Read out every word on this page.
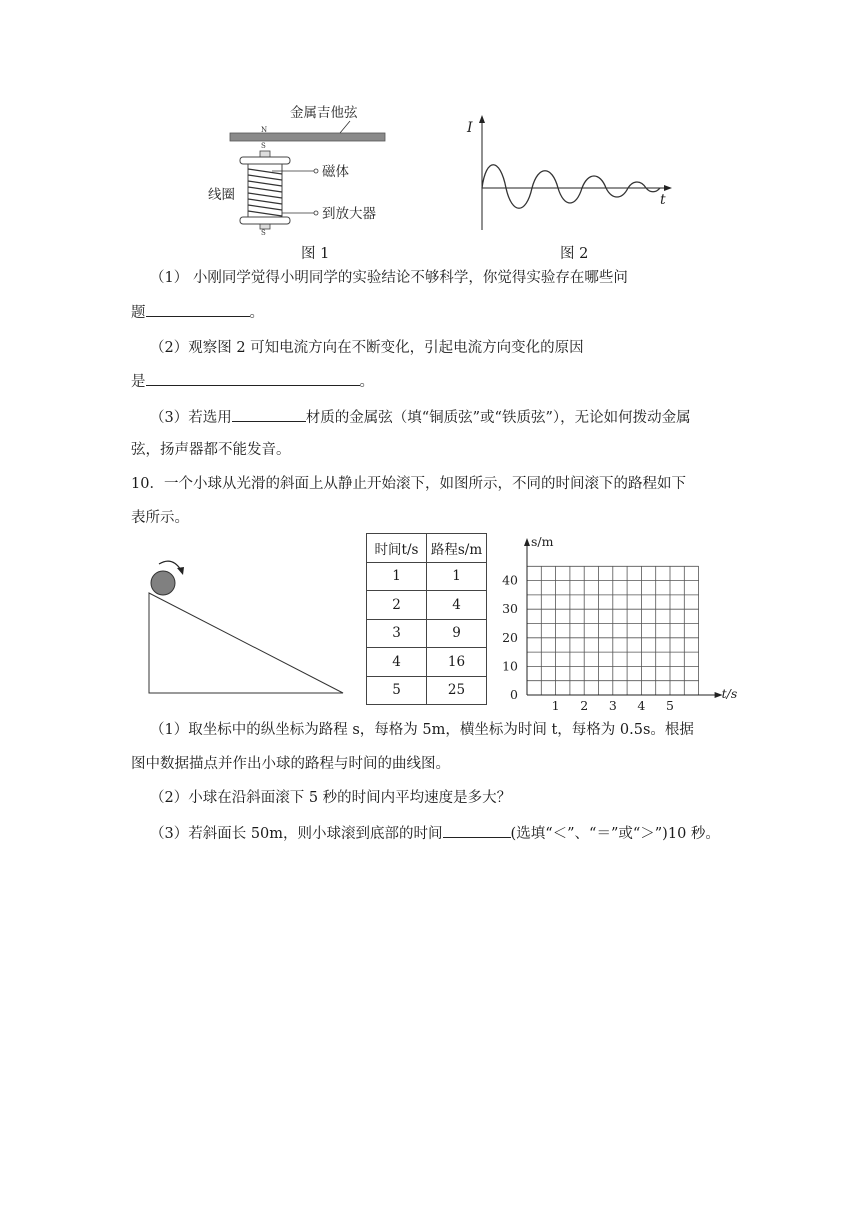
金属吉他弦
N
S
S
磁体
到放大器
线圈
图 1
I
t
图 2
（1） 小刚同学觉得小明同学的实验结论不够科学，你觉得实验存在哪些问
题	。
（2）观察图 2 可知电流方向在不断变化，引起电流方向变化的原因
是	。
（3）若选用	材质的金属弦（填“铜质弦”或“铁质弦”），无论如何拨动金属
弦，扬声器都不能发音。
10．一个小球从光滑的斜面上从静止开始滚下，如图所示，不同的时间滚下的路程如下
表所示。
时间t/s	路程s/m
1	1
2	4
3	9
4	16
5	25
s/m
t/s
0
10
20
30
40
1 2 3 4 5
（1）取坐标中的纵坐标为路程 s，每格为 5m，横坐标为时间 t，每格为 0.5s。根据
图中数据描点并作出小球的路程与时间的曲线图。
（2）小球在沿斜面滚下 5 秒的时间内平均速度是多大？
（3）若斜面长 50m，则小球滚到底部的时间	(选填“＜”、“＝”或“＞”)10 秒。
